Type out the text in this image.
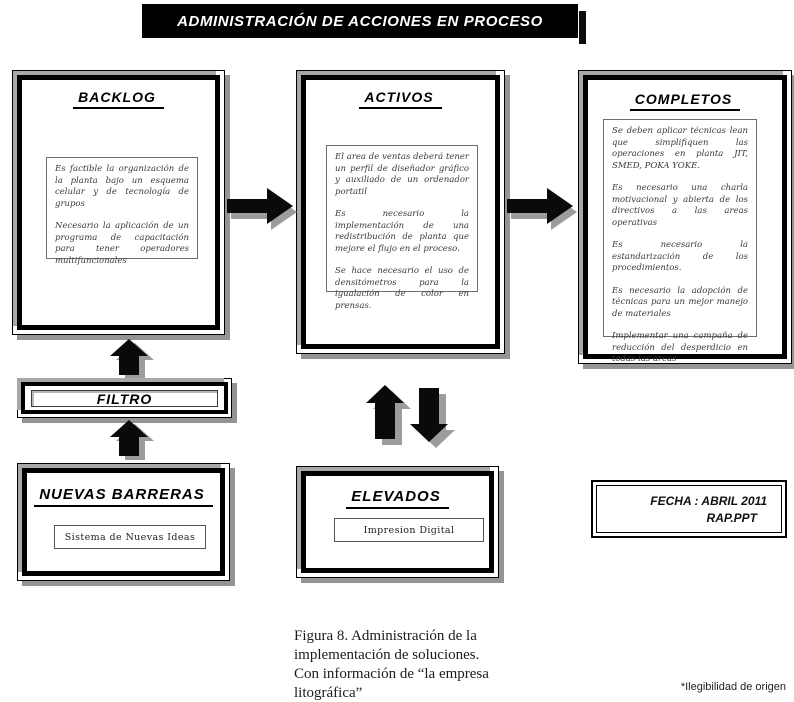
ADMINISTRACIÓN DE ACCIONES EN PROCESO
BACKLOG

Es factible la organización de la planta bajo un esquema celular y de tecnología de grupos

Necesario la aplicación de un programa de capacitación para tener operadores multifuncionales

ACTIVOS

El area de ventas deberá tener un perfil de diseñador gráfico y auxiliado de un ordenador portatil

Es necesario la implementación de una redistribución de planta que mejore el flujo en el proceso.

Se hace necesario el uso de densitómetros para la igualación de color en prensas.

COMPLETOS

Se deben aplicar técnicas lean que simplifiquen las operaciones en planta JIT, SMED, POKA YOKE.

Es necesario una charla motivacional y abierta de los directivos a las areas operativas

Es necesario la estandarización de los procedimientos.

Es necesario la adopción de técnicas para un mejor manejo de materiales

Implementar una campaña de reducción del desperdicio en todas las areas

FILTRO
NUEVAS BARRERAS
Sistema de Nuevas Ideas
ELEVADOS
Impresion Digital
FECHA : ABRIL 2011
RAP.PPT
Figura 8. Administración de la
implementación de soluciones.
Con información de “la empresa
litográfica”	*Ilegibilidad de origen
